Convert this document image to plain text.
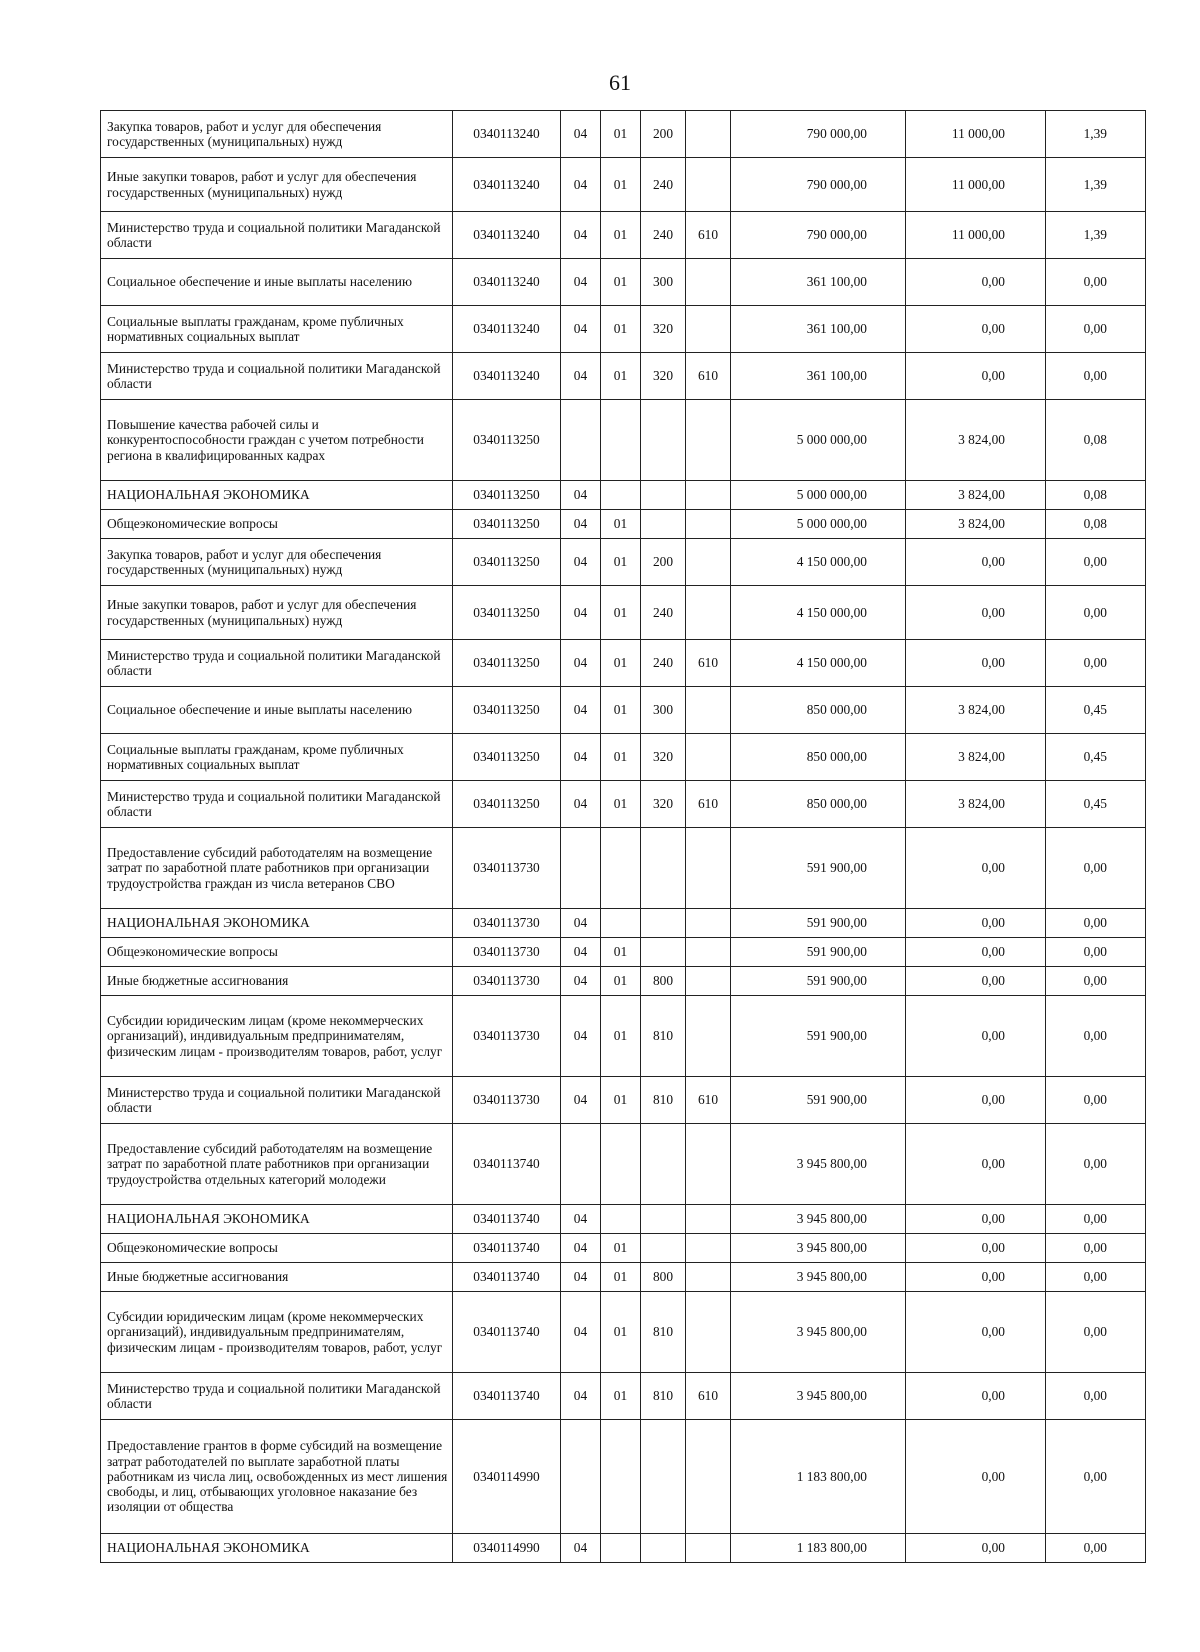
61
Закупка товаров, работ и услуг для обеспечения государственных (муниципальных) нужд	0340113240	04	01	200		790 000,00	11 000,00	1,39
Иные закупки товаров, работ и услуг для обеспечения государственных (муниципальных) нужд	0340113240	04	01	240		790 000,00	11 000,00	1,39
Министерство труда и социальной политики Магаданской области	0340113240	04	01	240	610	790 000,00	11 000,00	1,39
Социальное обеспечение и иные выплаты населению	0340113240	04	01	300		361 100,00	0,00	0,00
Социальные выплаты гражданам, кроме публичных нормативных социальных выплат	0340113240	04	01	320		361 100,00	0,00	0,00
Министерство труда и социальной политики Магаданской области	0340113240	04	01	320	610	361 100,00	0,00	0,00
Повышение качества рабочей силы и конкурентоспособности граждан с учетом потребности региона в квалифицированных кадрах	0340113250					5 000 000,00	3 824,00	0,08
НАЦИОНАЛЬНАЯ ЭКОНОМИКА	0340113250	04				5 000 000,00	3 824,00	0,08
Общеэкономические вопросы	0340113250	04	01			5 000 000,00	3 824,00	0,08
Закупка товаров, работ и услуг для обеспечения государственных (муниципальных) нужд	0340113250	04	01	200		4 150 000,00	0,00	0,00
Иные закупки товаров, работ и услуг для обеспечения государственных (муниципальных) нужд	0340113250	04	01	240		4 150 000,00	0,00	0,00
Министерство труда и социальной политики Магаданской области	0340113250	04	01	240	610	4 150 000,00	0,00	0,00
Социальное обеспечение и иные выплаты населению	0340113250	04	01	300		850 000,00	3 824,00	0,45
Социальные выплаты гражданам, кроме публичных нормативных социальных выплат	0340113250	04	01	320		850 000,00	3 824,00	0,45
Министерство труда и социальной политики Магаданской области	0340113250	04	01	320	610	850 000,00	3 824,00	0,45
Предоставление субсидий работодателям на возмещение затрат по заработной плате работников при организации трудоустройства граждан из числа ветеранов СВО	0340113730					591 900,00	0,00	0,00
НАЦИОНАЛЬНАЯ ЭКОНОМИКА	0340113730	04				591 900,00	0,00	0,00
Общеэкономические вопросы	0340113730	04	01			591 900,00	0,00	0,00
Иные бюджетные ассигнования	0340113730	04	01	800		591 900,00	0,00	0,00
Субсидии юридическим лицам (кроме некоммерческих организаций), индивидуальным предпринимателям, физическим лицам - производителям товаров, работ, услуг	0340113730	04	01	810		591 900,00	0,00	0,00
Министерство труда и социальной политики Магаданской области	0340113730	04	01	810	610	591 900,00	0,00	0,00
Предоставление субсидий работодателям на возмещение затрат по заработной плате работников при организации трудоустройства отдельных категорий молодежи	0340113740					3 945 800,00	0,00	0,00
НАЦИОНАЛЬНАЯ ЭКОНОМИКА	0340113740	04				3 945 800,00	0,00	0,00
Общеэкономические вопросы	0340113740	04	01			3 945 800,00	0,00	0,00
Иные бюджетные ассигнования	0340113740	04	01	800		3 945 800,00	0,00	0,00
Субсидии юридическим лицам (кроме некоммерческих организаций), индивидуальным предпринимателям, физическим лицам - производителям товаров, работ, услуг	0340113740	04	01	810		3 945 800,00	0,00	0,00
Министерство труда и социальной политики Магаданской области	0340113740	04	01	810	610	3 945 800,00	0,00	0,00
Предоставление грантов в форме субсидий на возмещение затрат работодателей по выплате заработной платы работникам из числа лиц, освобожденных из мест лишения свободы, и лиц, отбывающих уголовное наказание без изоляции от общества	0340114990					1 183 800,00	0,00	0,00
НАЦИОНАЛЬНАЯ ЭКОНОМИКА	0340114990	04				1 183 800,00	0,00	0,00
